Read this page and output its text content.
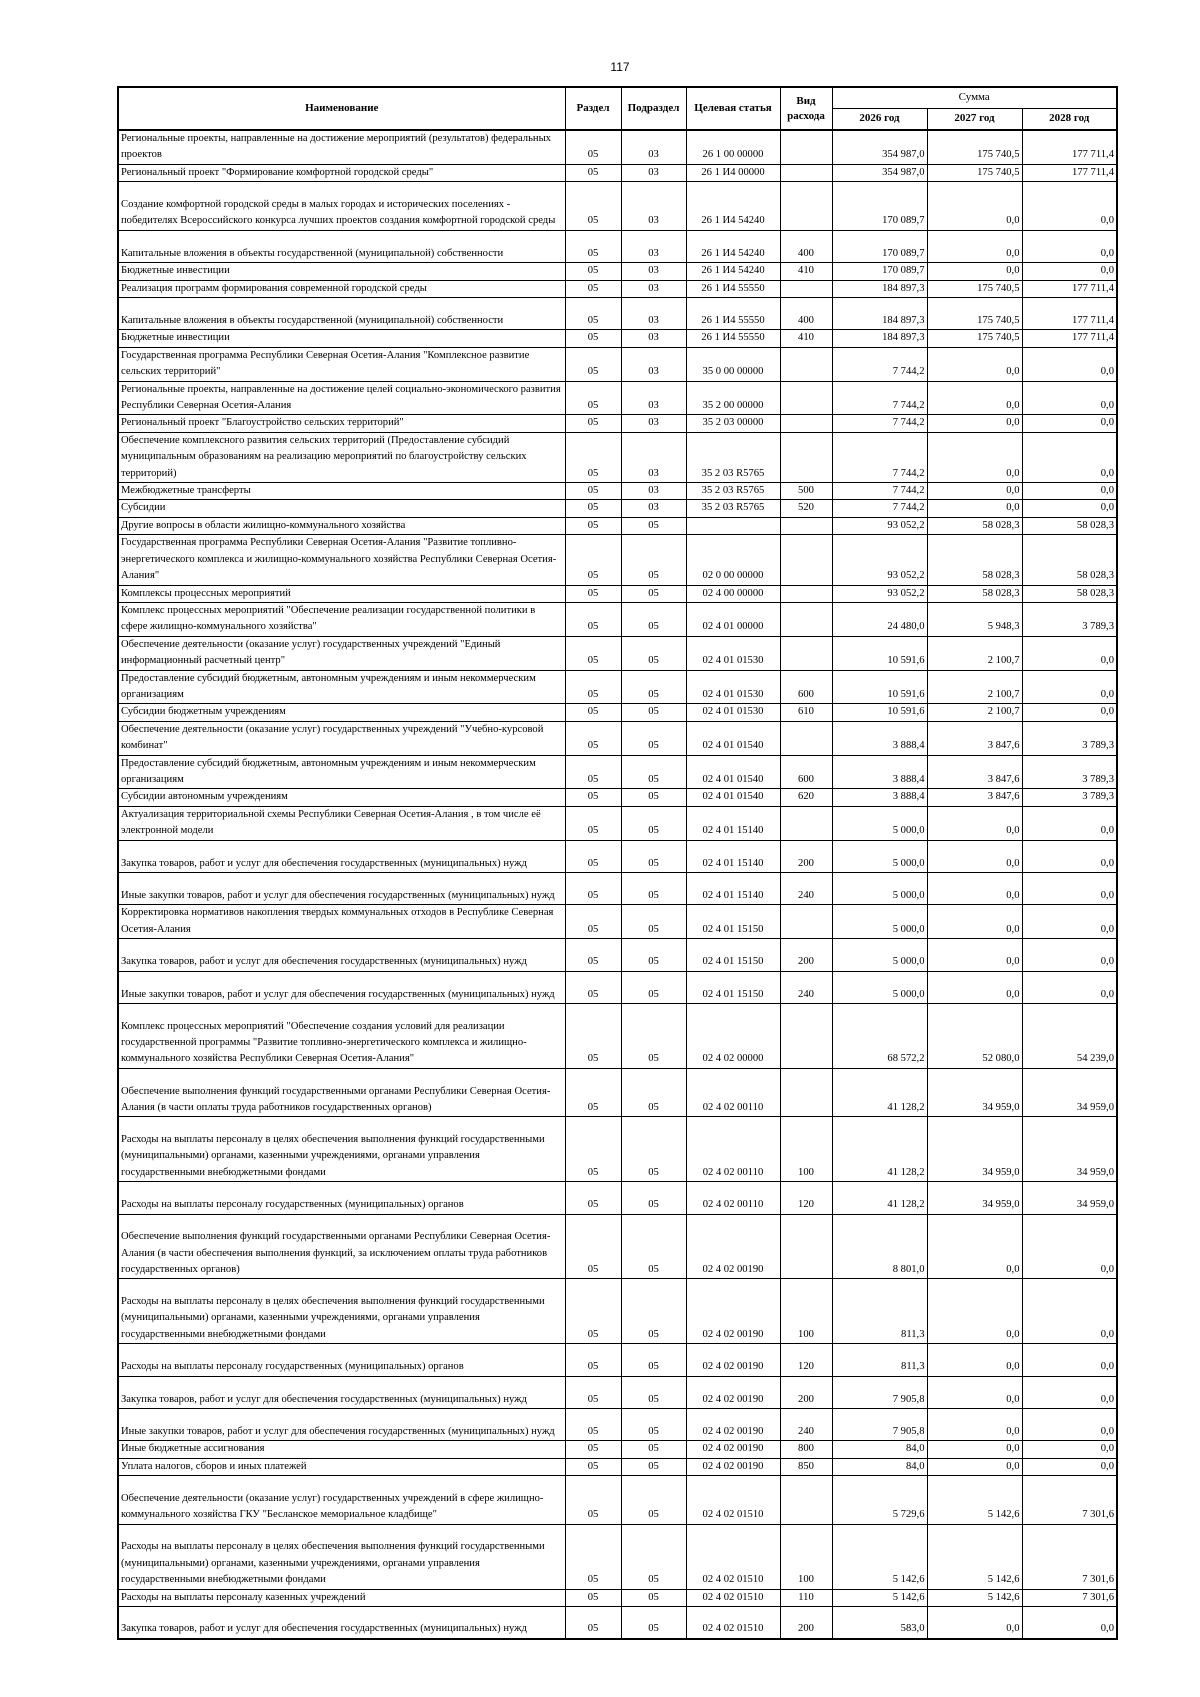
117
Наименование	Раздел	Подраздел	Целевая статья	Вид расхода	Сумма		
					2026 год	2027 год	2028 год
Региональные проекты, направленные на достижение мероприятий (результатов) федеральных проектов	05	03	26 1 00 00000		354 987,0	175 740,5	177 711,4
Региональный проект "Формирование комфортной городской среды"	05	03	26 1 И4 00000		354 987,0	175 740,5	177 711,4
Создание комфортной городской среды в малых городах и исторических поселениях - победителях Всероссийского конкурса лучших проектов создания комфортной городской среды	05	03	26 1 И4 54240		170 089,7	0,0	0,0
Капитальные вложения в объекты государственной (муниципальной) собственности	05	03	26 1 И4 54240	400	170 089,7	0,0	0,0
Бюджетные инвестиции	05	03	26 1 И4 54240	410	170 089,7	0,0	0,0
Реализация программ формирования современной городской среды	05	03	26 1 И4 55550		184 897,3	175 740,5	177 711,4
Капитальные вложения в объекты государственной (муниципальной) собственности	05	03	26 1 И4 55550	400	184 897,3	175 740,5	177 711,4
Бюджетные инвестиции	05	03	26 1 И4 55550	410	184 897,3	175 740,5	177 711,4
Государственная программа Республики Северная Осетия-Алания "Комплексное развитие сельских территорий"	05	03	35 0 00 00000		7 744,2	0,0	0,0
Региональные проекты, направленные на достижение целей социально-экономического развития Республики Северная Осетия-Алания	05	03	35 2 00 00000		7 744,2	0,0	0,0
Региональный проект "Благоустройство сельских территорий"	05	03	35 2 03 00000		7 744,2	0,0	0,0
Обеспечение комплексного развития сельских территорий (Предоставление субсидий муниципальным образованиям на реализацию мероприятий по благоустройству сельских территорий)	05	03	35 2 03 R5765		7 744,2	0,0	0,0
Межбюджетные трансферты	05	03	35 2 03 R5765	500	7 744,2	0,0	0,0
Субсидии	05	03	35 2 03 R5765	520	7 744,2	0,0	0,0
Другие вопросы в области жилищно-коммунального хозяйства	05	05			93 052,2	58 028,3	58 028,3
Государственная программа Республики Северная Осетия-Алания "Развитие топливно-энергетического комплекса и жилищно-коммунального хозяйства Республики Северная Осетия-Алания"	05	05	02 0 00 00000		93 052,2	58 028,3	58 028,3
Комплексы процессных мероприятий	05	05	02 4 00 00000		93 052,2	58 028,3	58 028,3
Комплекс процессных мероприятий "Обеспечение реализации государственной политики в сфере жилищно-коммунального хозяйства"	05	05	02 4 01 00000		24 480,0	5 948,3	3 789,3
Обеспечение деятельности (оказание услуг) государственных учреждений "Единый информационный расчетный центр"	05	05	02 4 01 01530		10 591,6	2 100,7	0,0
Предоставление субсидий бюджетным, автономным учреждениям и иным некоммерческим организациям	05	05	02 4 01 01530	600	10 591,6	2 100,7	0,0
Субсидии бюджетным учреждениям	05	05	02 4 01 01530	610	10 591,6	2 100,7	0,0
Обеспечение деятельности (оказание услуг) государственных учреждений "Учебно-курсовой комбинат"	05	05	02 4 01 01540		3 888,4	3 847,6	3 789,3
Предоставление субсидий бюджетным, автономным учреждениям и иным некоммерческим организациям	05	05	02 4 01 01540	600	3 888,4	3 847,6	3 789,3
Субсидии автономным учреждениям	05	05	02 4 01 01540	620	3 888,4	3 847,6	3 789,3
Актуализация территориальной схемы Республики Северная Осетия-Алания , в том числе её электронной модели	05	05	02 4 01 15140		5 000,0	0,0	0,0
Закупка товаров, работ и услуг для обеспечения государственных (муниципальных) нужд	05	05	02 4 01 15140	200	5 000,0	0,0	0,0
Иные закупки товаров, работ и услуг для обеспечения государственных (муниципальных) нужд	05	05	02 4 01 15140	240	5 000,0	0,0	0,0
Корректировка нормативов накопления твердых коммунальных отходов в Республике Северная Осетия-Алания	05	05	02 4 01 15150		5 000,0	0,0	0,0
Закупка товаров, работ и услуг для обеспечения государственных (муниципальных) нужд	05	05	02 4 01 15150	200	5 000,0	0,0	0,0
Иные закупки товаров, работ и услуг для обеспечения государственных (муниципальных) нужд	05	05	02 4 01 15150	240	5 000,0	0,0	0,0
Комплекс процессных мероприятий "Обеспечение создания условий для реализации государственной программы "Развитие топливно-энергетического комплекса и жилищно-коммунального хозяйства Республики Северная Осетия-Алания"	05	05	02 4 02 00000		68 572,2	52 080,0	54 239,0
Обеспечение выполнения функций государственными органами Республики Северная Осетия-Алания (в части оплаты труда работников государственных органов)	05	05	02 4 02 00110		41 128,2	34 959,0	34 959,0
Расходы на выплаты персоналу в целях обеспечения выполнения функций государственными (муниципальными) органами, казенными учреждениями, органами управления государственными внебюджетными фондами	05	05	02 4 02 00110	100	41 128,2	34 959,0	34 959,0
Расходы на выплаты персоналу государственных (муниципальных) органов	05	05	02 4 02 00110	120	41 128,2	34 959,0	34 959,0
Обеспечение выполнения функций государственными органами Республики Северная Осетия-Алания (в части обеспечения выполнения функций, за исключением оплаты труда работников государственных органов)	05	05	02 4 02 00190		8 801,0	0,0	0,0
Расходы на выплаты персоналу в целях обеспечения выполнения функций государственными (муниципальными) органами, казенными учреждениями, органами управления государственными внебюджетными фондами	05	05	02 4 02 00190	100	811,3	0,0	0,0
Расходы на выплаты персоналу государственных (муниципальных) органов	05	05	02 4 02 00190	120	811,3	0,0	0,0
Закупка товаров, работ и услуг для обеспечения государственных (муниципальных) нужд	05	05	02 4 02 00190	200	7 905,8	0,0	0,0
Иные закупки товаров, работ и услуг для обеспечения государственных (муниципальных) нужд	05	05	02 4 02 00190	240	7 905,8	0,0	0,0
Иные бюджетные ассигнования	05	05	02 4 02 00190	800	84,0	0,0	0,0
Уплата налогов, сборов и иных платежей	05	05	02 4 02 00190	850	84,0	0,0	0,0
Обеспечение деятельности (оказание услуг) государственных учреждений в сфере жилищно-коммунального хозяйства ГКУ "Бесланское мемориальное кладбище"	05	05	02 4 02 01510		5 729,6	5 142,6	7 301,6
Расходы на выплаты персоналу в целях обеспечения выполнения функций государственными (муниципальными) органами, казенными учреждениями, органами управления государственными внебюджетными фондами	05	05	02 4 02 01510	100	5 142,6	5 142,6	7 301,6
Расходы на выплаты персоналу казенных учреждений	05	05	02 4 02 01510	110	5 142,6	5 142,6	7 301,6
Закупка товаров, работ и услуг для обеспечения государственных (муниципальных) нужд	05	05	02 4 02 01510	200	583,0	0,0	0,0
